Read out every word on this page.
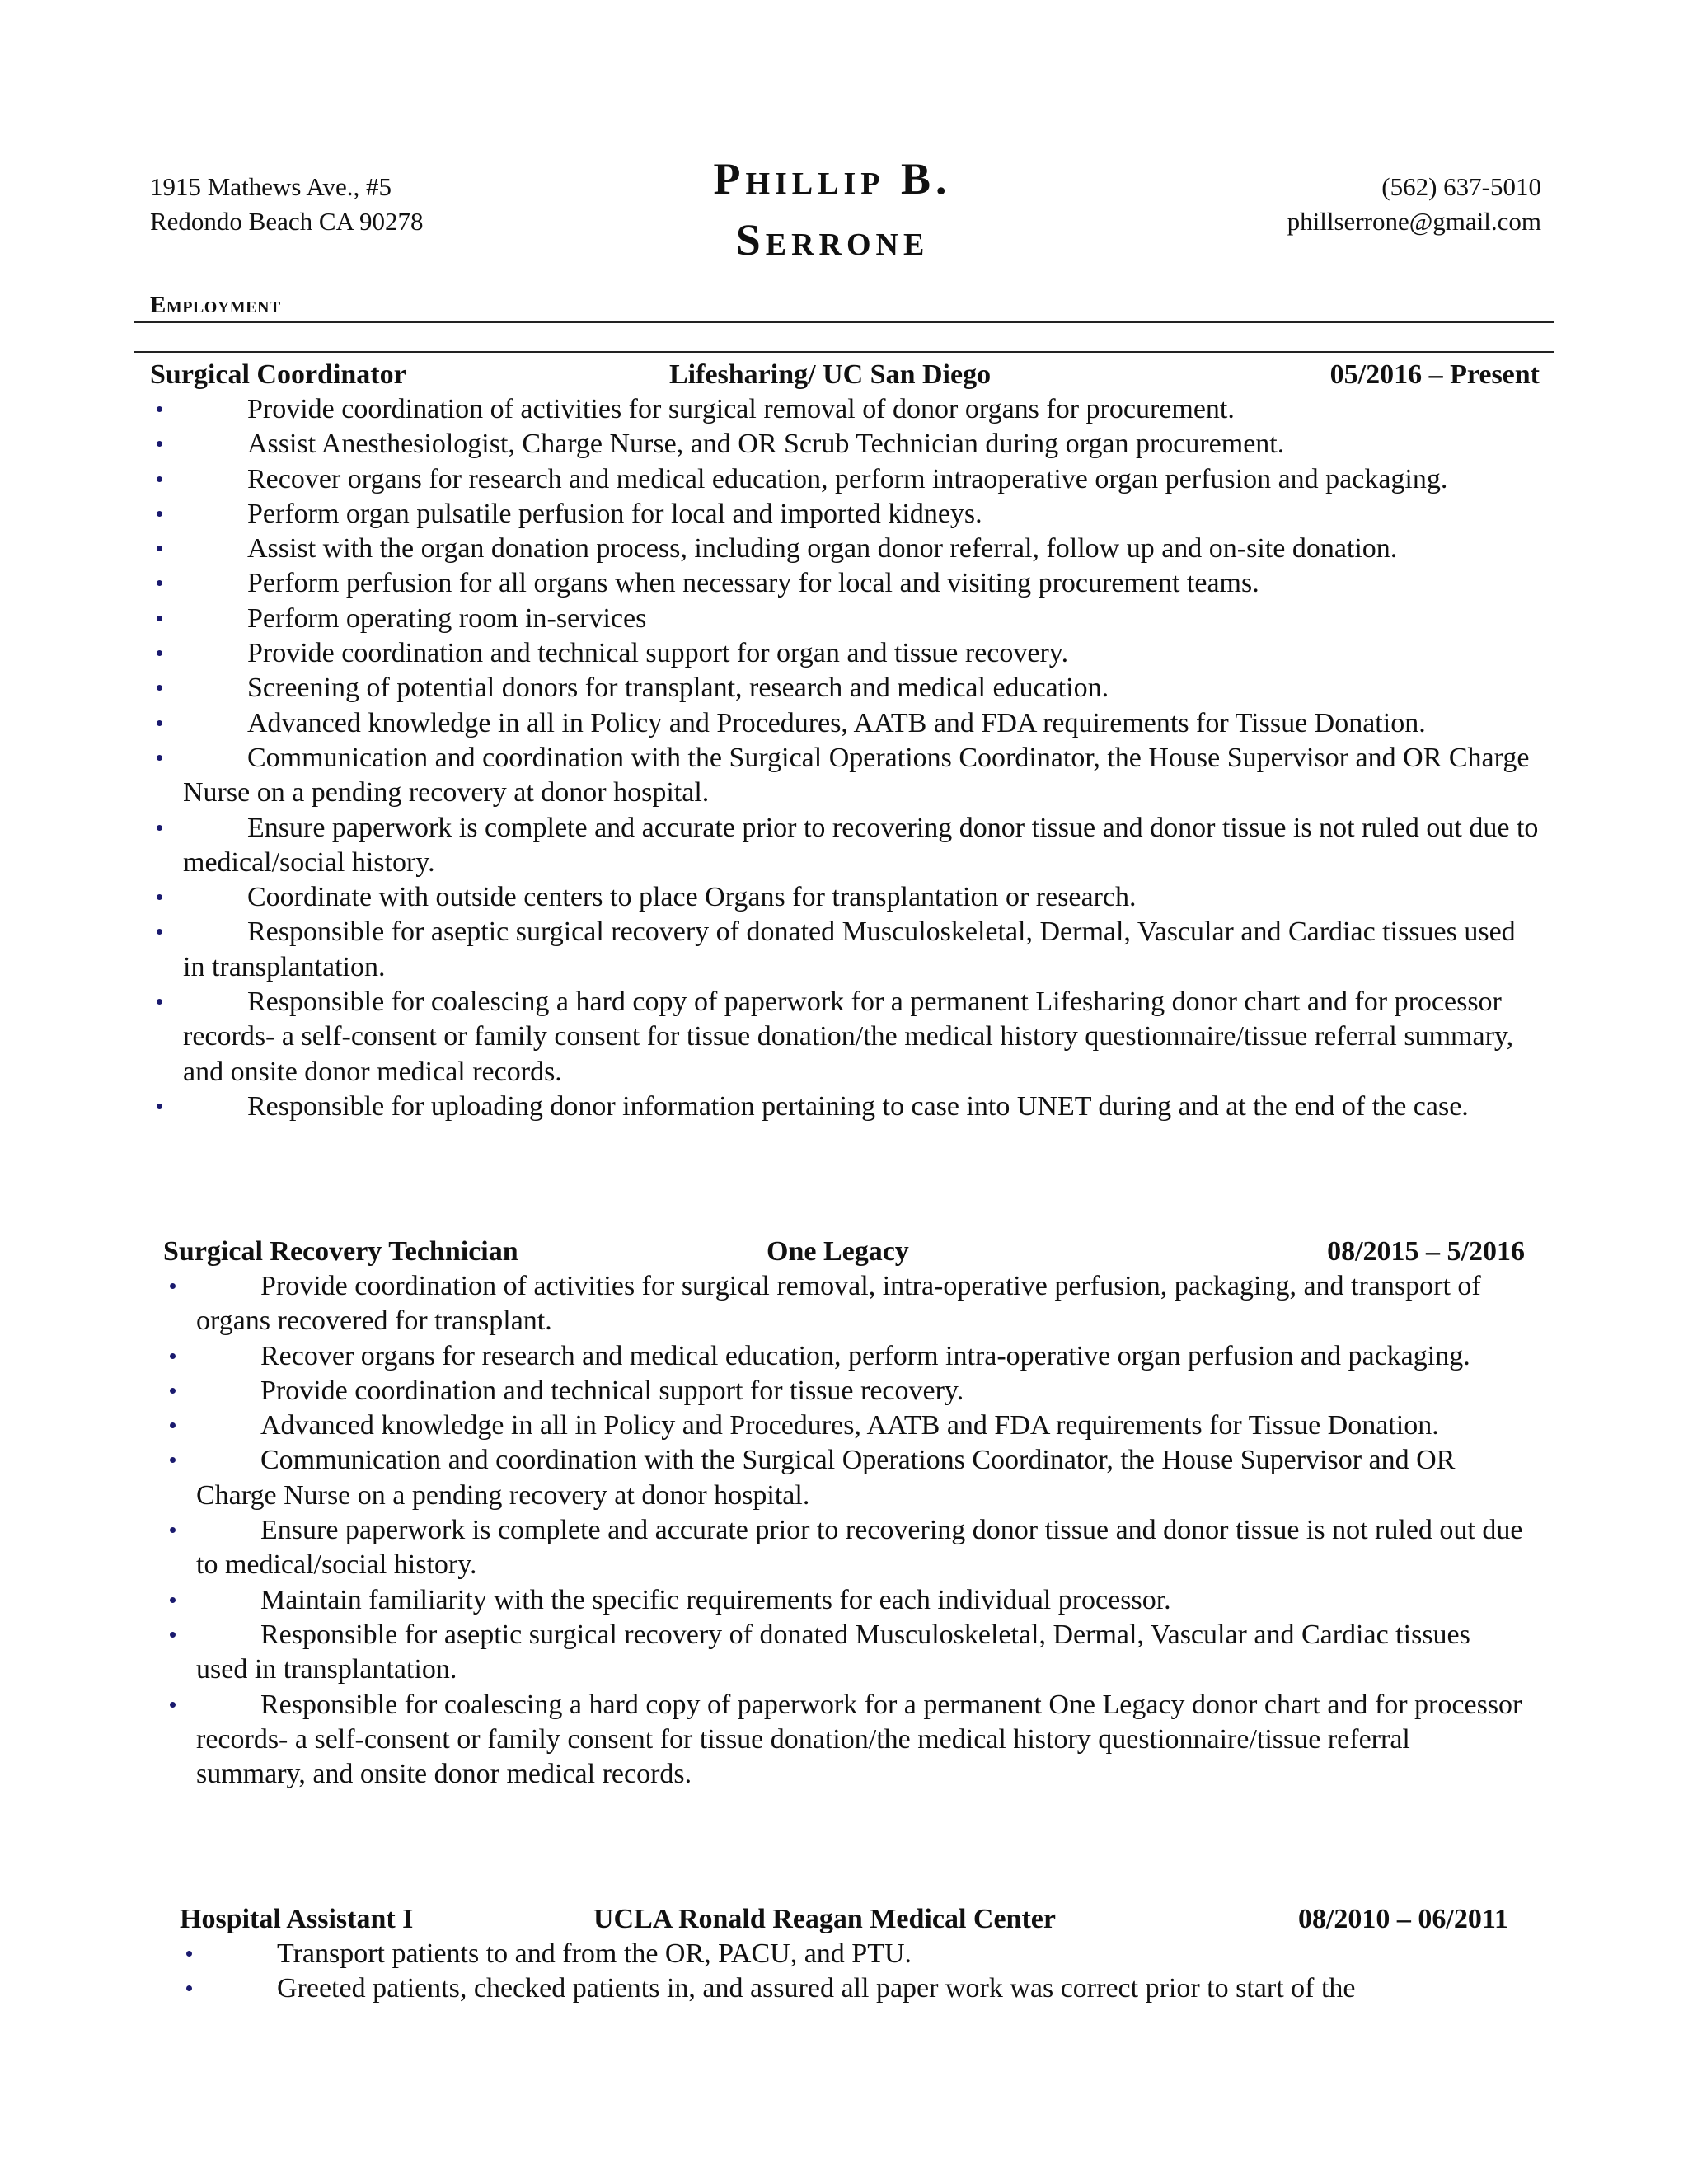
1915 Mathews Ave., #5
Redondo Beach CA 90278
Phillip B.
Serrone
(562) 637-5010
phillserrone@gmail.com
Employment
Surgical Coordinator	Lifesharing/ UC San Diego	05/2016 – Present
Provide coordination of activities for surgical removal of donor organs for procurement.
Assist Anesthesiologist, Charge Nurse, and OR Scrub Technician during organ procurement.
Recover organs for research and medical education, perform intraoperative organ perfusion and packaging.
Perform organ pulsatile perfusion for local and imported kidneys.
Assist with the organ donation process, including organ donor referral, follow up and on-site donation.
Perform perfusion for all organs when necessary for local and visiting procurement teams.
Perform operating room in-services
Provide coordination and technical support for organ and tissue recovery.
Screening of potential donors for transplant, research and medical education.
Advanced knowledge in all in Policy and Procedures, AATB and FDA requirements for Tissue Donation.
Communication and coordination with the Surgical Operations Coordinator, the House Supervisor and OR Charge Nurse on a pending recovery at donor hospital.
Ensure paperwork is complete and accurate prior to recovering donor tissue and donor tissue is not ruled out due to medical/social history.
Coordinate with outside centers to place Organs for transplantation or research.
Responsible for aseptic surgical recovery of donated Musculoskeletal, Dermal, Vascular and Cardiac tissues used in transplantation.
Responsible for coalescing a hard copy of paperwork for a permanent Lifesharing donor chart and for processor records- a self-consent or family consent for tissue donation/the medical history questionnaire/tissue referral summary, and onsite donor medical records.
Responsible for uploading donor information pertaining to case into UNET during and at the end of the case.
Surgical Recovery Technician	One Legacy	08/2015 – 5/2016
Provide coordination of activities for surgical removal, intra-operative perfusion, packaging, and transport of organs recovered for transplant.
Recover organs for research and medical education, perform intra-operative organ perfusion and packaging.
Provide coordination and technical support for tissue recovery.
Advanced knowledge in all in Policy and Procedures, AATB and FDA requirements for Tissue Donation.
Communication and coordination with the Surgical Operations Coordinator, the House Supervisor and OR Charge Nurse on a pending recovery at donor hospital.
Ensure paperwork is complete and accurate prior to recovering donor tissue and donor tissue is not ruled out due to medical/social history.
Maintain familiarity with the specific requirements for each individual processor.
Responsible for aseptic surgical recovery of donated Musculoskeletal, Dermal, Vascular and Cardiac tissues used in transplantation.
Responsible for coalescing a hard copy of paperwork for a permanent One Legacy donor chart and for processor records- a self-consent or family consent for tissue donation/the medical history questionnaire/tissue referral summary, and onsite donor medical records.
Hospital Assistant I	UCLA Ronald Reagan Medical Center	08/2010 – 06/2011
Transport patients to and from the OR, PACU, and PTU.
Greeted patients, checked patients in, and assured all paper work was correct prior to start of the
